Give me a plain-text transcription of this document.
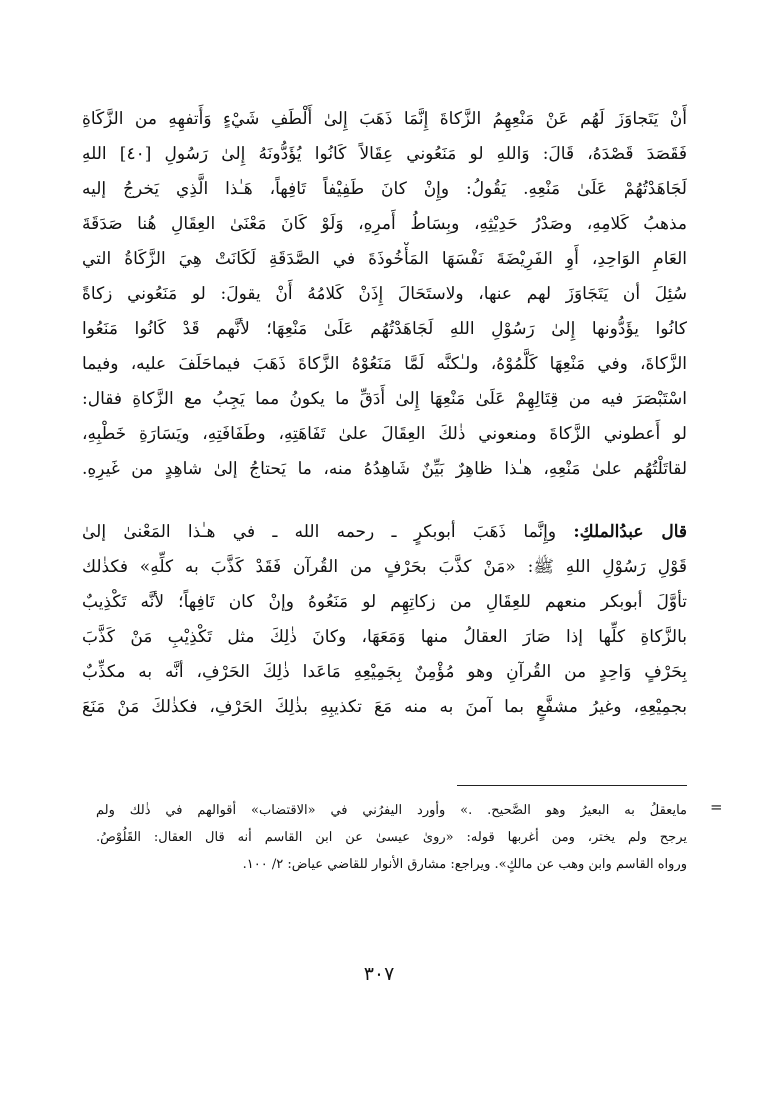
أَنْ يَتَجاوَزَ لَهُم عَنْ مَنْعِهِمُ الزَّكاةَ إِنَّمَا ذَهَبَ إِلىٰ أَلْطَفِ شَيْءٍ وَأَتفهِهِ من الزَّكَاةِ
فَقَصَدَ قَصْدَهُ، قَالَ: وَاللهِ لو مَنَعُوني عِقَالاً كَانُوا يُؤَدُّونَهُ إِلىٰ رَسُولِ [٤٠] اللهِ
لَجَاهَدْتُهُمْ عَلَىٰ مَنْعِهِ. يَقُولُ: وإِنْ كانَ طَفِيْفاً تَافِهاً، هَـٰذا الَّذِي يَخرجُ إليه
مذهبُ كَلامِهِ، وصَدْرُ حَدِيْثِهِ، وبِسَاطُ أَمرِهِ، وَلَوْ كَانَ مَعْنَىٰ العِقَالِ هُنا صَدَقَةَ
العَامِ الوَاحِدِ، أَوِ الفَرِيْضَةَ نَفْسَهَا المَأْخُوذَةَ في الصَّدَقَةِ لَكَانَتْ هِيَ الزَّكَاةُ التي
سُئِلَ أن يَتَجَاوَزَ لهم عنها، ولاستَحَالَ إِذَنْ كَلامُهُ أَنْ يقولَ: لو مَنَعُوني زكاةً
كانُوا يؤَدُّونها إِلىٰ رَسُوْلِ اللهِ لَجَاهَدْتُهُم عَلَىٰ مَنْعِهَا؛ لأنَّهم قَدْ كَانُوا مَنَعُوا
الزَّكاةَ، وفي مَنْعِهَا كَلَّمُوْهُ، ولـٰكنَّه لَمَّا مَنَعُوْهُ الزَّكاةَ ذَهَبَ فيماحَلَفَ عليه، وفيما
اسْتَبْصَرَ فيه من قِتَالِهِمْ عَلَىٰ مَنْعِهَا إِلىٰ أَدَقِّ ما يكونُ مما يَجِبُ مع الزَّكاةِ فقال:
لو أَعطوني الزَّكاةَ ومنعوني ذٰلكَ العِقَالَ علىٰ تَفَاهَتِهِ، وطَفَافَتِهِ، ويَسَارَةِ خَطْبِهِ،
لقاتَلْتُهُم علىٰ مَنْعِهِ، هـٰذا ظاهِرٌ بَيِّنٌ شَاهِدُهُ منه، ما يَحتاجُ إلىٰ شاهِدٍ من غَيرِهِ.
قال عبدُالملكِ: وإِنَّما ذَهَبَ أبوبكرٍ ـ رحمه الله ـ في هـٰذا المَعْنىٰ إلىٰ
قَوْلِ رَسُوْلِ اللهِ ﷺ: «مَنْ كذَّبَ بحَرْفٍ من القُرآن فَقَدْ كَذَّبَ به كلِّهِ» فكذٰلك
تأوَّلَ أبوبكر منعهم للعِقَالِ من زكاتِهِم لو مَنَعُوهُ وإنْ كان تَافِهاً؛ لأنَّه تَكْذِيبٌ
بالزَّكاةِ كلِّها إذا صَارَ العقالُ منها وَمَعَهَا، وكانَ ذٰلِكَ مثل تَكْذِيْبِ مَنْ كَذَّبَ
بِحَرْفٍ وَاحِدٍ من القُرآنِ وهو مُؤْمِنٌ بِجَمِيْعِهِ مَاعَدا ذٰلِكَ الحَرْفِ، أنَّه به مكذِّبٌ
بجمِيْعِهِ، وغيرُ مشفَّعٍ بما آمنَ به منه مَعَ تكذيبِهِ بذٰلِكَ الحَرْفِ، فكذٰلكَ مَنْ مَنَعَ
=
مايعقلُ به البعيرُ وهو الصَّحيح. .» وأورد اليفرُني في «الاقتضاب» أقوالهم في ذٰلك ولم
يرجح ولم يختر، ومن أغربها قوله: «روىٰ عيسىٰ عن ابن القاسم أنه قال العقال: القَلُوْصُ.
ورواه القاسم وابن وهب عن مالكٍ». ويراجع: مشارق الأنوار للقاضي عياض: ٢/ ١٠٠.
٣٠٧
